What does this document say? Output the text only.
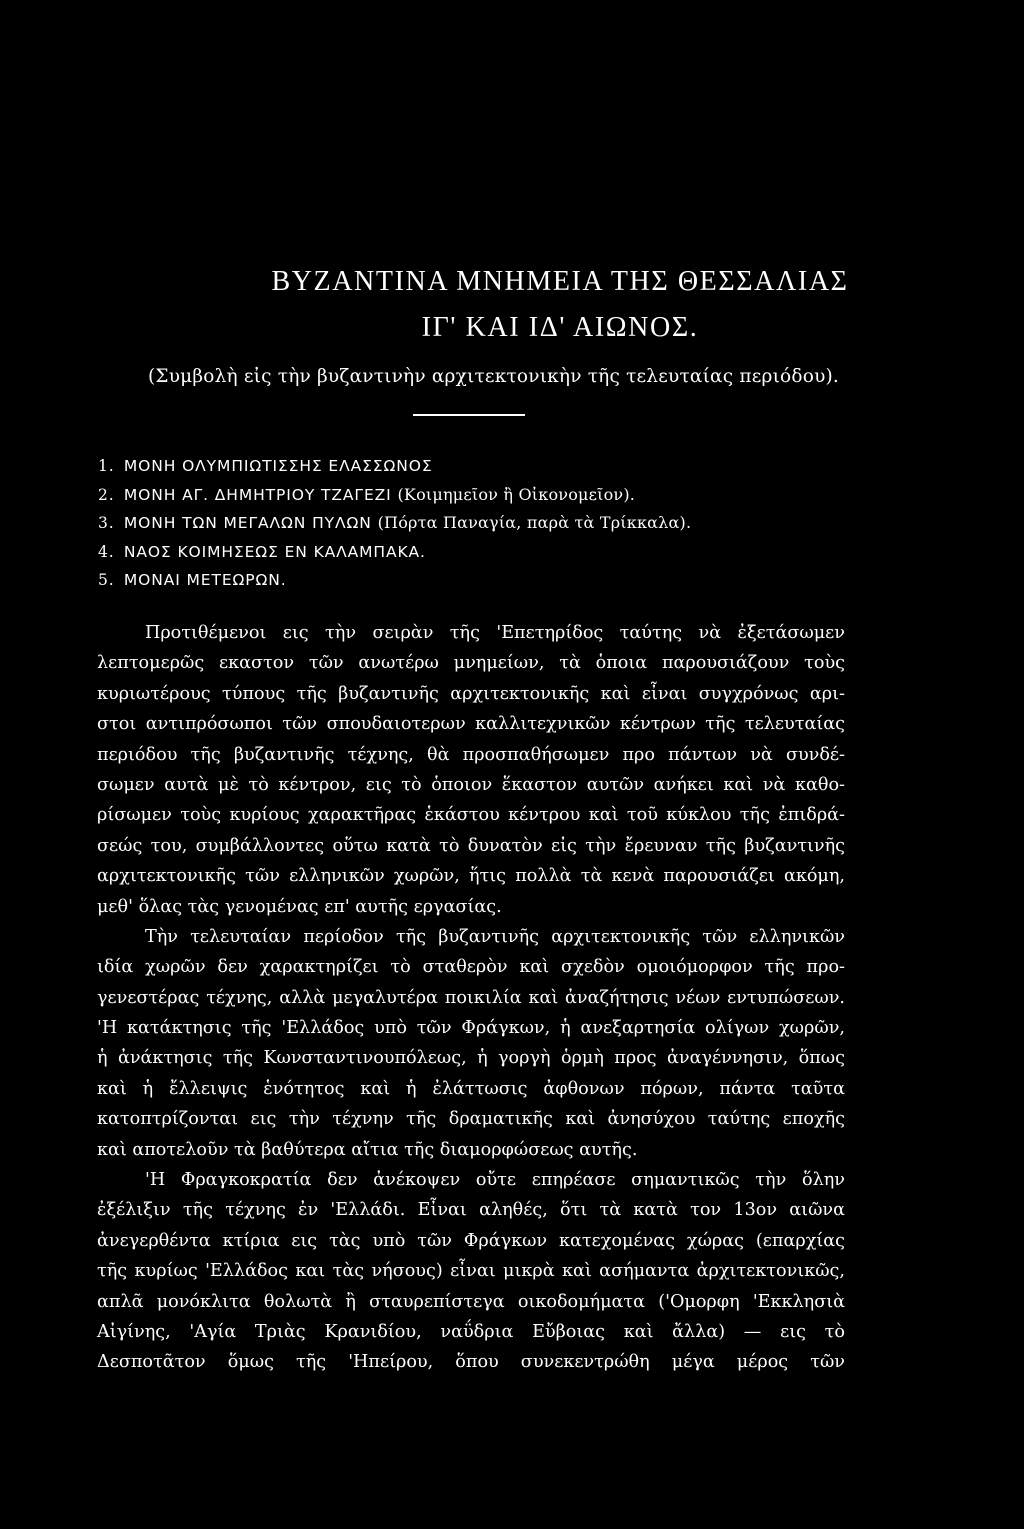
BYZANTINA ΜΝΗΜΕΙΑ ΤΗΣ ΘΕΣΣΑΛΙΑΣ
ΙΓ' ΚΑΙ ΙΔ' ΑΙΩΝΟΣ.
(Συμβολὴ εἰς τὴν βυζαντινὴν αρχιτεκτονικὴν τῆς τελευταίας περιόδου).
1. ΜΟΝΗ ΟΛΥΜΠΙΩΤΙΣΣΗΣ ΕΛΑΣΣΩΝΟΣ
2. ΜΟΝΗ ΑΓ. ΔΗΜΗΤΡΙΟΥ ΤΖΑΓΕΖΙ (Κοιμημεῖον ἢ Οἰκονομεῖον).
3. ΜΟΝΗ ΤΩΝ ΜΕΓΑΛΩΝ ΠΥΛΩΝ (Πόρτα Παναγία, παρὰ τὰ Τρίκκαλα).
4. ΝΑΟΣ ΚΟΙΜΗΣΕΩΣ ΕΝ ΚΑΛΑΜΠΑΚΑ.
5. ΜΟΝΑΙ ΜΕΤΕΩΡΩΝ.
Προτιθέμενοι εις τὴν σειρὰν τῆς 'Επετηρίδος ταύτης νὰ ἐξετάσωμεν
λεπτομερῶς εκαστον τῶν ανωτέρω μνημείων, τὰ ὁποια παρουσιάζουν τοὺς
κυριωτέρους τύπους τῆς βυζαντινῆς αρχιτεκτονικῆς καὶ εἶναι συγχρόνως αρι-
στοι αντιπρόσωποι τῶν σπουδαιοτερων καλλιτεχνικῶν κέντρων τῆς τελευταίας
περιόδου τῆς βυζαντινῆς τέχνης, θὰ προσπαθήσωμεν προ πάντων νὰ συνδέ-
σωμεν αυτὰ μὲ τὸ κέντρον, εις τὸ ὁποιον ἕκαστον αυτῶν ανήκει καὶ νὰ καθο-
ρίσωμεν τοὺς κυρίους χαρακτῆρας ἑκάστου κέντρου καὶ τοῦ κύκλου τῆς ἐπιδρά-
σεώς του, συμβάλλοντες οὕτω κατὰ τὸ δυνατὸν εἰς τὴν ἔρευναν τῆς βυζαντινῆς
αρχιτεκτονικῆς τῶν ελληνικῶν χωρῶν, ἥτις πολλὰ τὰ κενὰ παρουσιάζει ακόμη,
μεθ' ὅλας τὰς γενομένας επ' αυτῆς εργασίας.
Τὴν τελευταίαν περίοδον τῆς βυζαντινῆς αρχιτεκτονικῆς τῶν ελληνικῶν
ιδία χωρῶν δεν χαρακτηρίζει τὸ σταθερὸν καὶ σχεδὸν ομοιόμορφον τῆς προ-
γενεστέρας τέχνης, αλλὰ μεγαλυτέρα ποικιλία καὶ ἀναζήτησις νέων εντυπώσεων.
'Η κατάκτησις τῆς 'Ελλάδος υπὸ τῶν Φράγκων, ἡ ανεξαρτησία ολίγων χωρῶν,
ἡ ἀνάκτησις τῆς Κωνσταντινουπόλεως, ἡ γοργὴ ὁρμὴ προς ἀναγέννησιν, ὅπως
καὶ ἡ ἔλλειψις ἑνότητος καὶ ἡ ἐλάττωσις ἀφθονων πόρων, πάντα ταῦτα
κατοπτρίζονται εις τὴν τέχνην τῆς δραματικῆς καὶ ἀνησύχου ταύτης εποχῆς
καὶ αποτελοῦν τὰ βαθύτερα αἴτια τῆς διαμορφώσεως αυτῆς.
'Η Φραγκοκρατία δεν ἀνέκοψεν οὔτε επηρέασε σημαντικῶς τὴν ὅλην
ἐξέλιξιν τῆς τέχνης ἐν 'Ελλάδι. Εἶναι αληθές, ὅτι τὰ κατὰ τον 13ον αιῶνα
ἀνεγερθέντα κτίρια εις τὰς υπὸ τῶν Φράγκων κατεχομένας χώρας (επαρχίας
τῆς κυρίως 'Ελλάδος και τὰς νήσους) εἶναι μικρὰ καὶ ασήμαντα ἀρχιτεκτονικῶς,
απλᾶ μονόκλιτα θολωτὰ ἢ σταυρεπίστεγα οικοδομήματα ('Ομορφη 'Εκκλησιὰ
Αἰγίνης, 'Αγία Τριὰς Κρανιδίου, ναΰδρια Εὔβοιας καὶ ἄλλα) — εις τὸ
Δεσποτᾶτον ὅμως τῆς 'Ηπείρου, ὅπου συνεκεντρώθη μέγα μέρος τῶν
